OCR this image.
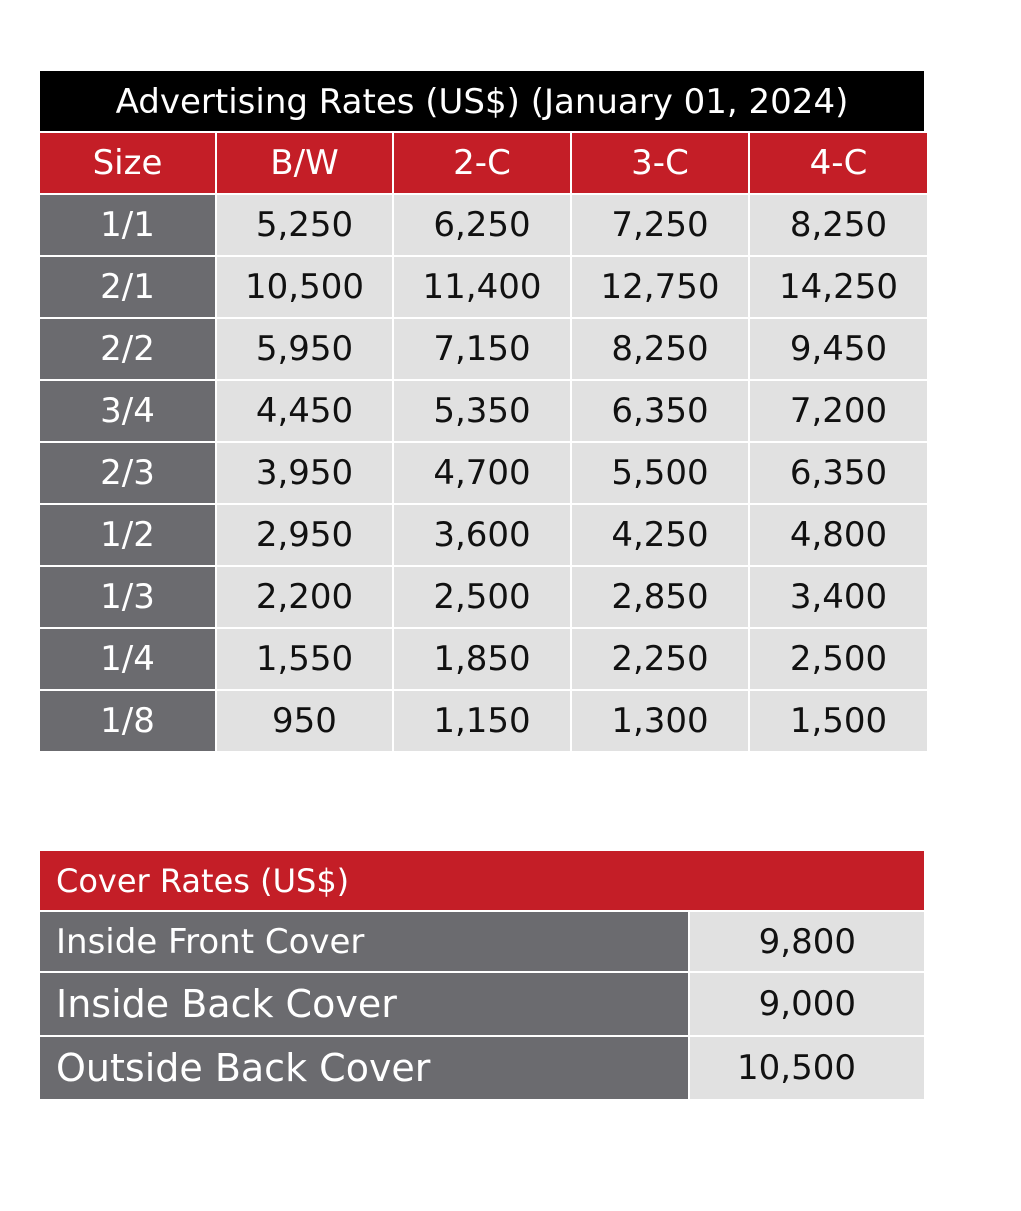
Advertising Rates (US$) (January 01, 2024)
Size	B/W	2-C	3-C	4-C
1/1	5,250	6,250	7,250	8,250
2/1	10,500	11,400	12,750	14,250
2/2	5,950	7,150	8,250	9,450
3/4	4,450	5,350	6,350	7,200
2/3	3,950	4,700	5,500	6,350
1/2	2,950	3,600	4,250	4,800
1/3	2,200	2,500	2,850	3,400
1/4	1,550	1,850	2,250	2,500
1/8	950	1,150	1,300	1,500
Cover Rates (US$)
Inside Front Cover	9,800
Inside Back Cover	9,000
Outside Back Cover	10,500
